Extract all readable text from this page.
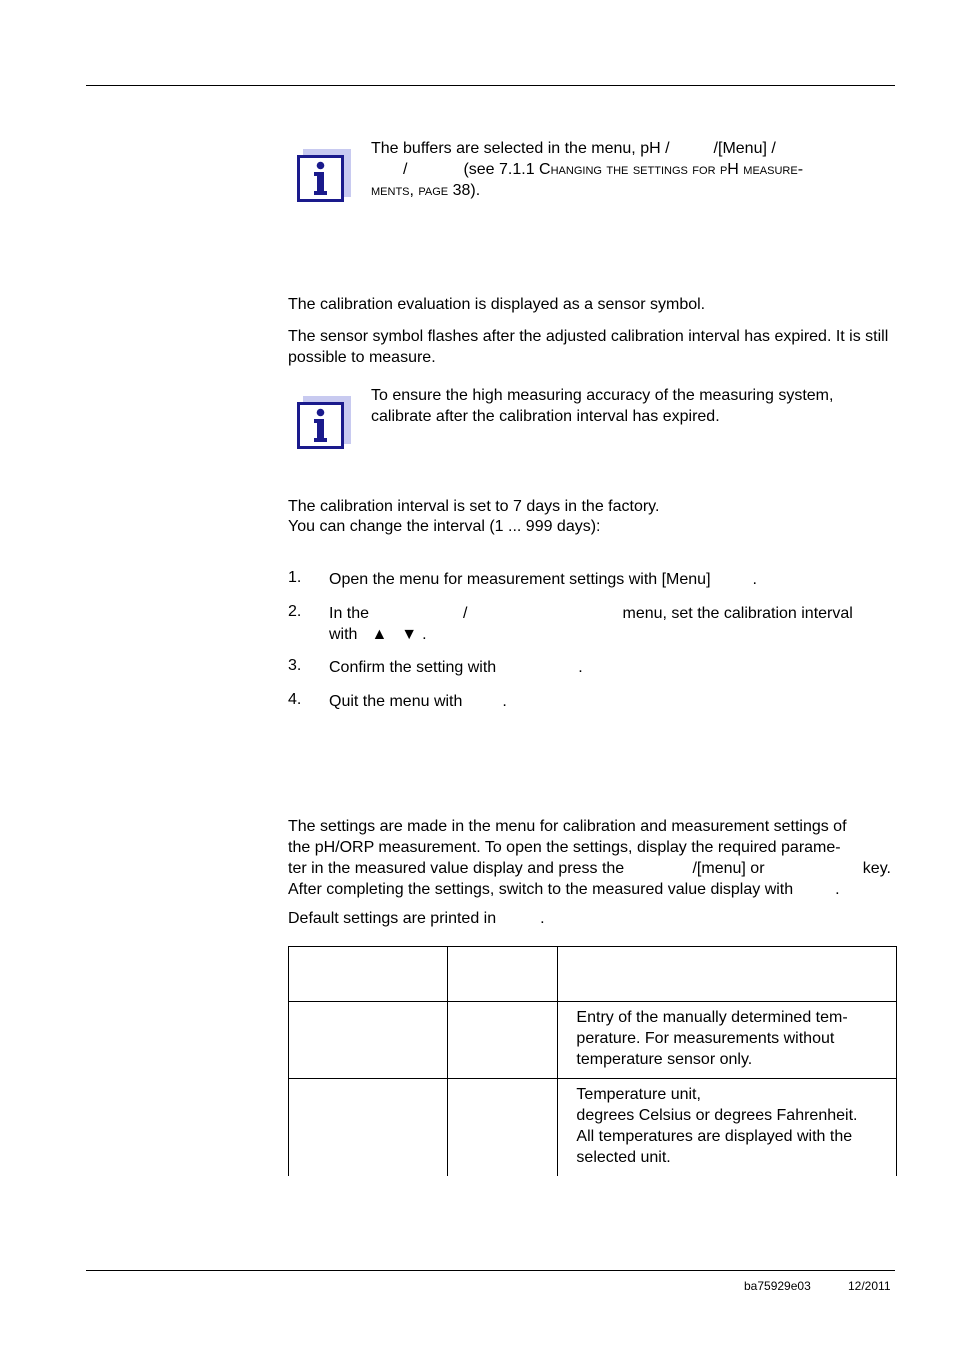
The buffers are selected in the menu, pH /	/[Menu] /
/	(see 7.1.1 Changing the settings for pH measure-
ments, page 38).
The calibration evaluation is displayed as a sensor symbol.
The sensor symbol flashes after the adjusted calibration interval has expired. It is still possible to measure.
To ensure the high measuring accuracy of the measuring system, calibrate after the calibration interval has expired.
The calibration interval is set to 7 days in the factory.
You can change the interval (1 ... 999 days):
1. Open the menu for measurement settings with [Menu]	.
2. In the	/	menu, set the calibration interval
with ▲ ▼ .
3. Confirm the setting with	.
4. Quit the menu with	.
The settings are made in the menu for calibration and measurement settings of
the pH/ORP measurement. To open the settings, display the required parame-
ter in the measured value display and press the	/[menu] or	key.
After completing the settings, switch to the measured value display with	.
Default settings are printed in	.

		Entry of the manually determined tem-
perature. For measurements without
temperature sensor only.

		Temperature unit,
degrees Celsius or degrees Fahrenheit.
All temperatures are displayed with the
selected unit.
ba75929e03	12/2011
